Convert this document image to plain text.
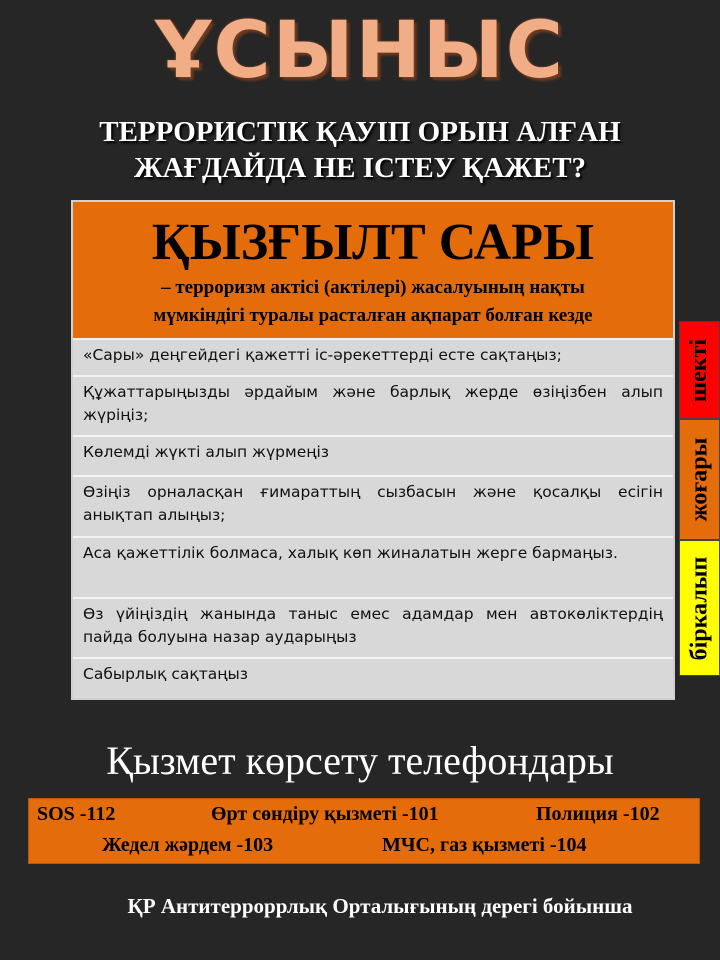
ҰСЫНЫС
ТЕРРОРИСТІК ҚАУІП ОРЫН АЛҒАН
ЖАҒДАЙДА НЕ ІСТЕУ ҚАЖЕТ?
ҚЫЗҒЫЛТ САРЫ

– терроризм актісі (актілері) жасалуының нақты

мүмкіндігі туралы расталған ақпарат болған кезде

«Сары» деңгейдегі қажетті іс-әрекеттерді есте сақтаңыз;
Құжаттарыңызды әрдайым және барлық жерде өзіңізбен алып жүріңіз;
Көлемді жүкті алып жүрмеңіз
Өзіңіз орналасқан ғимараттың сызбасын және қосалқы есігін анықтап алыңыз;
Аса қажеттілік болмаса, халық көп жиналатын жерге бармаңыз.
Өз үйіңіздің жанында таныс емес адамдар мен автокөліктердің пайда болуына назар аударыңыз
Сабырлық сақтаңыз
шекті
жоғары
біркалып
Қызмет көрсету телефондары
SOS -112	Өрт сөндіру қызметі -101	Полиция -102
Жедел жәрдем -103	МЧС, газ қызметі -104
ҚР Антитерроррлық Орталығының дерегі бойынша
